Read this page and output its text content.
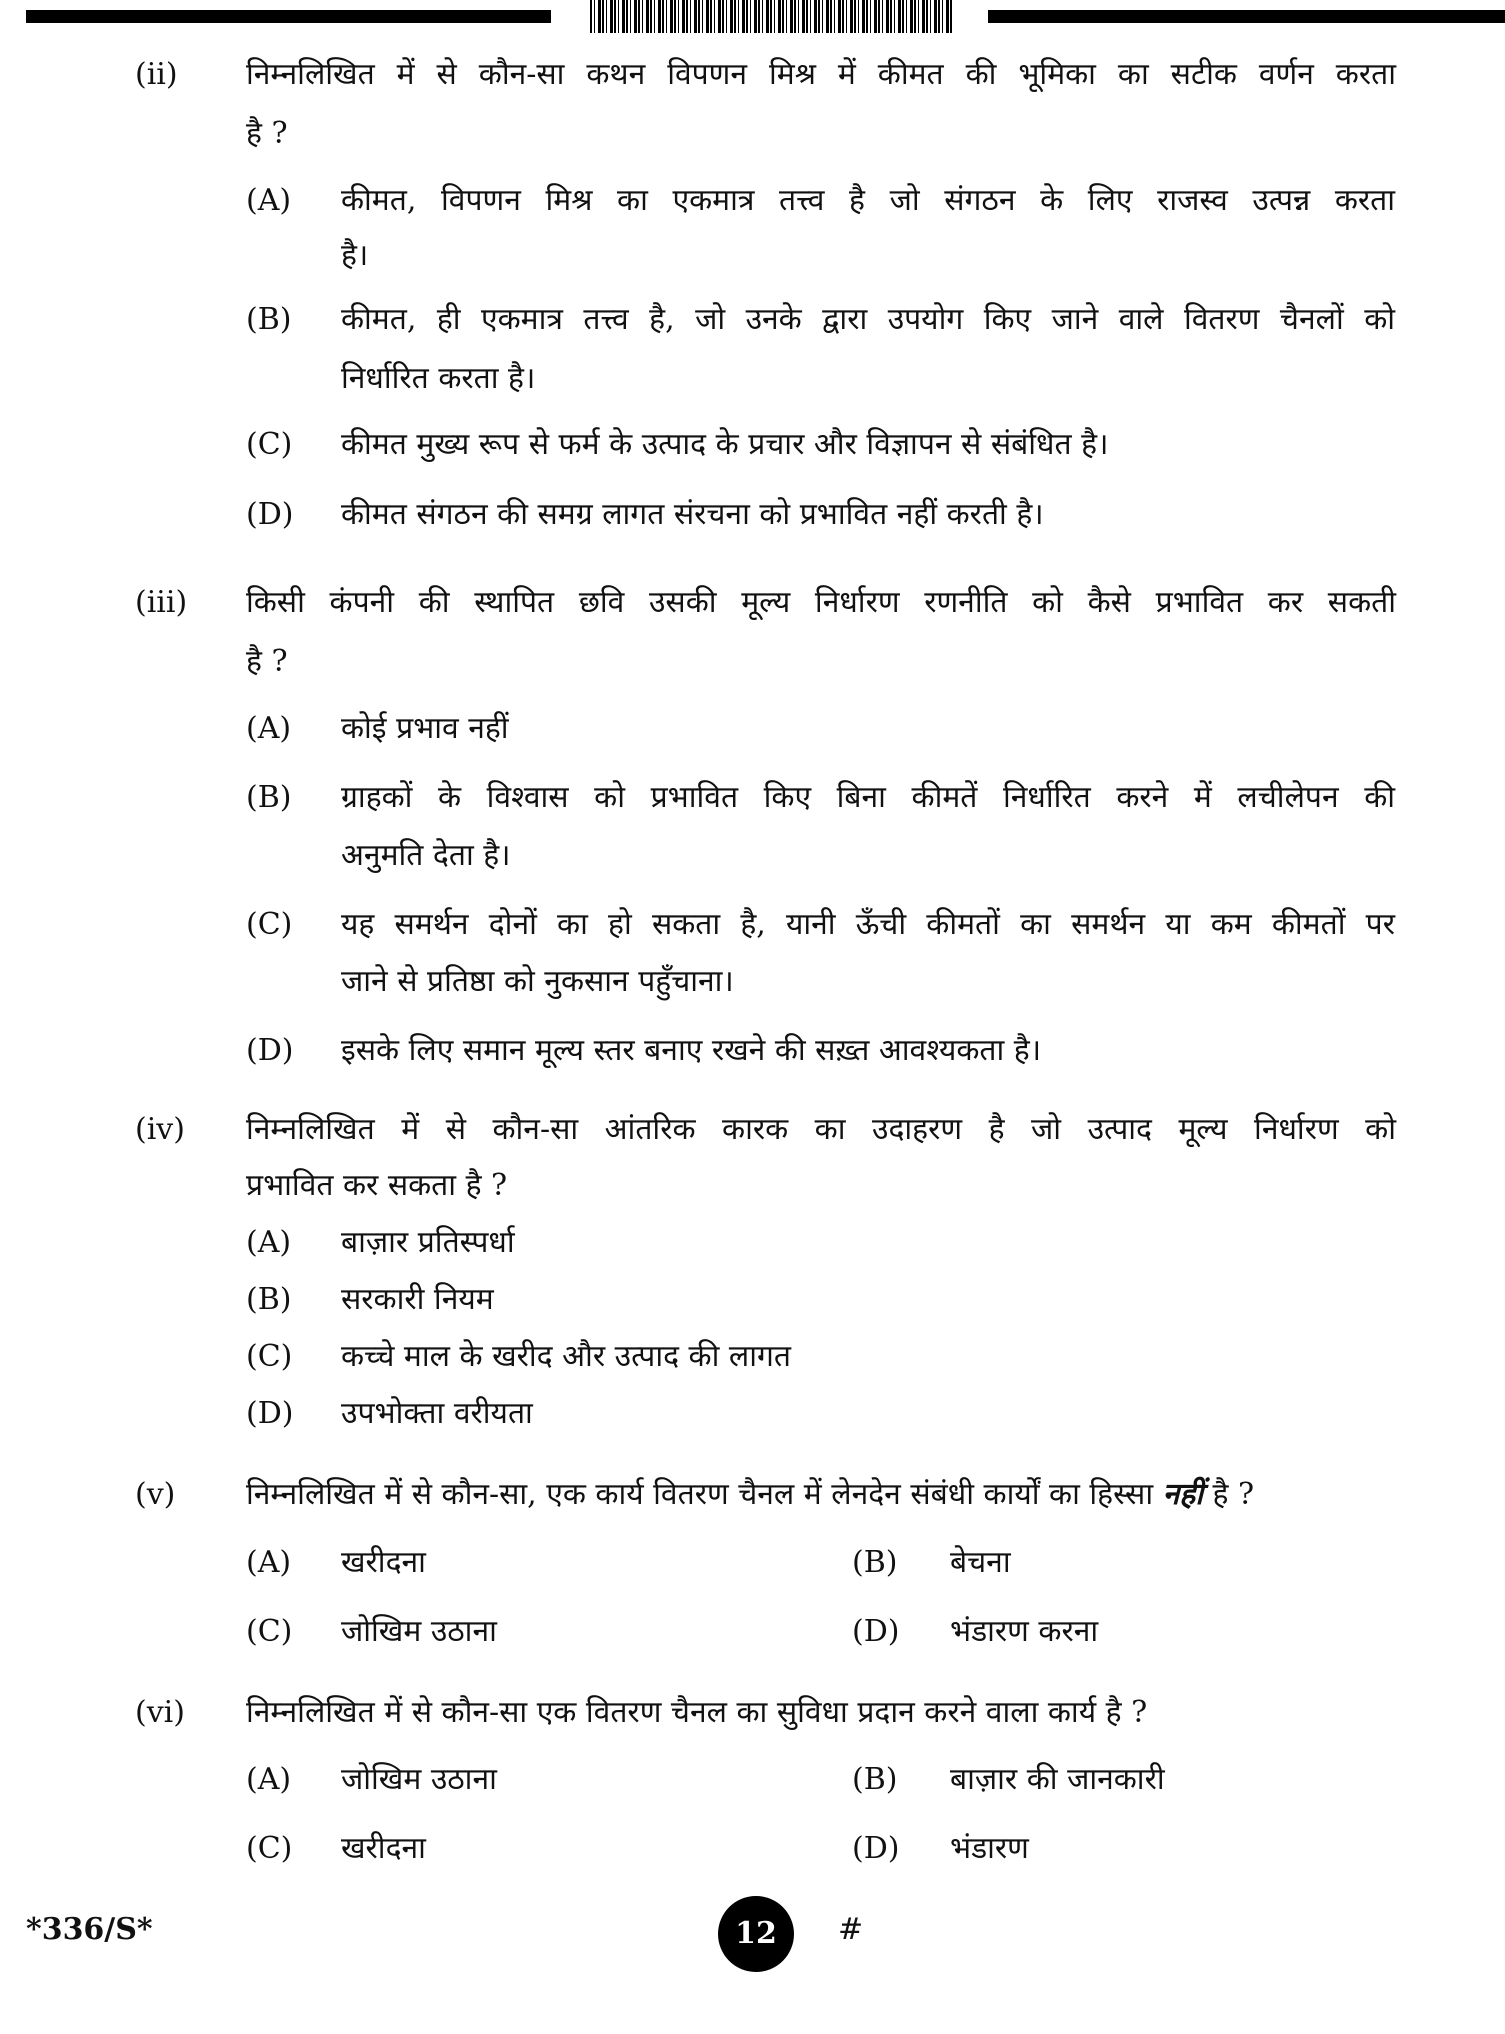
(ii) निम्नलिखित में से कौन-सा कथन विपणन मिश्र में कीमत की भूमिका का सटीक वर्णन करता
है ?
(A) कीमत, विपणन मिश्र का एकमात्र तत्त्व है जो संगठन के लिए राजस्व उत्पन्न करता
है।
(B) कीमत, ही एकमात्र तत्त्व है, जो उनके द्वारा उपयोग किए जाने वाले वितरण चैनलों को
निर्धारित करता है।
(C) कीमत मुख्य रूप से फर्म के उत्पाद के प्रचार और विज्ञापन से संबंधित है।
(D) कीमत संगठन की समग्र लागत संरचना को प्रभावित नहीं करती है।
(iii) किसी कंपनी की स्थापित छवि उसकी मूल्य निर्धारण रणनीति को कैसे प्रभावित कर सकती
है ?
(A) कोई प्रभाव नहीं
(B) ग्राहकों के विश्वास को प्रभावित किए बिना कीमतें निर्धारित करने में लचीलेपन की
अनुमति देता है।
(C) यह समर्थन दोनों का हो सकता है, यानी ऊँची कीमतों का समर्थन या कम कीमतों पर
जाने से प्रतिष्ठा को नुकसान पहुँचाना।
(D) इसके लिए समान मूल्य स्तर बनाए रखने की सख़्त आवश्यकता है।
(iv) निम्नलिखित में से कौन-सा आंतरिक कारक का उदाहरण है जो उत्पाद मूल्य निर्धारण को
प्रभावित कर सकता है ?
(A) बाज़ार प्रतिस्पर्धा
(B) सरकारी नियम
(C) कच्चे माल के खरीद और उत्पाद की लागत
(D) उपभोक्ता वरीयता
(v) निम्नलिखित में से कौन-सा, एक कार्य वितरण चैनल में लेनदेन संबंधी कार्यों का हिस्सा नहीं है ?
(A) खरीदना	(B) बेचना
(C) जोखिम उठाना	(D) भंडारण करना
(vi) निम्नलिखित में से कौन-सा एक वितरण चैनल का सुविधा प्रदान करने वाला कार्य है ?
(A) जोखिम उठाना	(B) बाज़ार की जानकारी
(C) खरीदना	(D) भंडारण
*336/S*	12	#
